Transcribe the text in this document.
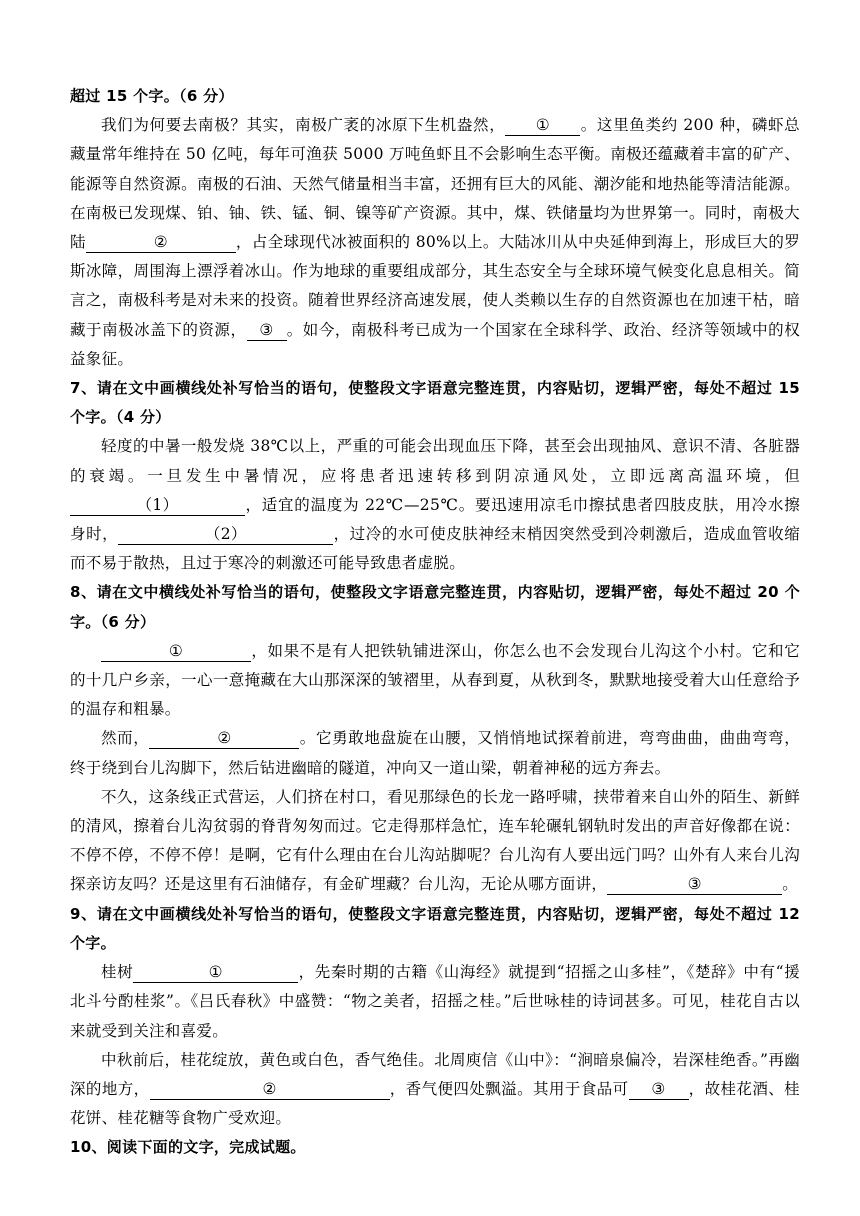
超过 15 个字。（6 分）

我们为何要去南极？其实，南极广袤的冰原下生机盎然， ① 。这里鱼类约 200 种，磷虾总藏量常年维持在 50 亿吨，每年可渔获 5000 万吨鱼虾且不会影响生态平衡。南极还蕴藏着丰富的矿产、能源等自然资源。南极的石油、天然气储量相当丰富，还拥有巨大的风能、潮汐能和地热能等清洁能源。在南极已发现煤、铂、铀、铁、锰、铜、镍等矿产资源。其中，煤、铁储量均为世界第一。同时，南极大陆	②	，占全球现代冰被面积的 80%以上。大陆冰川从中央延伸到海上，形成巨大的罗斯冰障，周围海上漂浮着冰山。作为地球的重要组成部分，其生态安全与全球环境气候变化息息相关。简言之，南极科考是对未来的投资。随着世界经济高速发展，使人类赖以生存的自然资源也在加速干枯，暗藏于南极冰盖下的资源， ③ 。如今，南极科考已成为一个国家在全球科学、政治、经济等领域中的权益象征。

7、请在文中画横线处补写恰当的语句，使整段文字语意完整连贯，内容贴切，逻辑严密，每处不超过 15 个字。（4 分）

轻度的中暑一般发烧 38℃以上，严重的可能会出现血压下降，甚至会出现抽风、意识不清、各脏器的衰竭。一旦发生中暑情况，应将患者迅速转移到阴凉通风处，立即远离高温环境，但（1）	，适宜的温度为 22℃—25℃。要迅速用凉毛巾擦拭患者四肢皮肤，用冷水擦身时，	（2）	，过冷的水可使皮肤神经末梢因突然受到冷刺激后，造成血管收缩而不易于散热，且过于寒冷的刺激还可能导致患者虚脱。

8、请在文中横线处补写恰当的语句，使整段文字语意完整连贯，内容贴切，逻辑严密，每处不超过 20 个字。（6 分）

①	，如果不是有人把铁轨铺进深山，你怎么也不会发现台儿沟这个小村。它和它的十几户乡亲，一心一意掩藏在大山那深深的皱褶里，从春到夏，从秋到冬，默默地接受着大山任意给予的温存和粗暴。

然而，	②	。它勇敢地盘旋在山腰，又悄悄地试探着前进，弯弯曲曲，曲曲弯弯，终于绕到台儿沟脚下，然后钻进幽暗的隧道，冲向又一道山梁，朝着神秘的远方奔去。

不久，这条线正式营运，人们挤在村口，看见那绿色的长龙一路呼啸，挟带着来自山外的陌生、新鲜的清风，擦着台儿沟贫弱的脊背匆匆而过。它走得那样急忙，连车轮碾轧钢轨时发出的声音好像都在说：不停不停，不停不停！是啊，它有什么理由在台儿沟站脚呢？台儿沟有人要出远门吗？山外有人来台儿沟探亲访友吗？还是这里有石油储存，有金矿埋藏？台儿沟，无论从哪方面讲，	③	。

9、请在文中画横线处补写恰当的语句，使整段文字语意完整连贯，内容贴切，逻辑严密，每处不超过 12 个字。

桂树	①	，先秦时期的古籍《山海经》就提到“招摇之山多桂”，《楚辞》中有“援北斗兮酌桂浆”。《吕氏春秋》中盛赞：“物之美者，招摇之桂。”后世咏桂的诗词甚多。可见，桂花自古以来就受到关注和喜爱。

中秋前后，桂花绽放，黄色或白色，香气绝佳。北周庾信《山中》：“涧暗泉偏冷，岩深桂绝香。”再幽深的地方，	②	，香气便四处飘溢。其用于食品可 ③ ，故桂花酒、桂花饼、桂花糖等食物广受欢迎。

10、阅读下面的文字，完成试题。
